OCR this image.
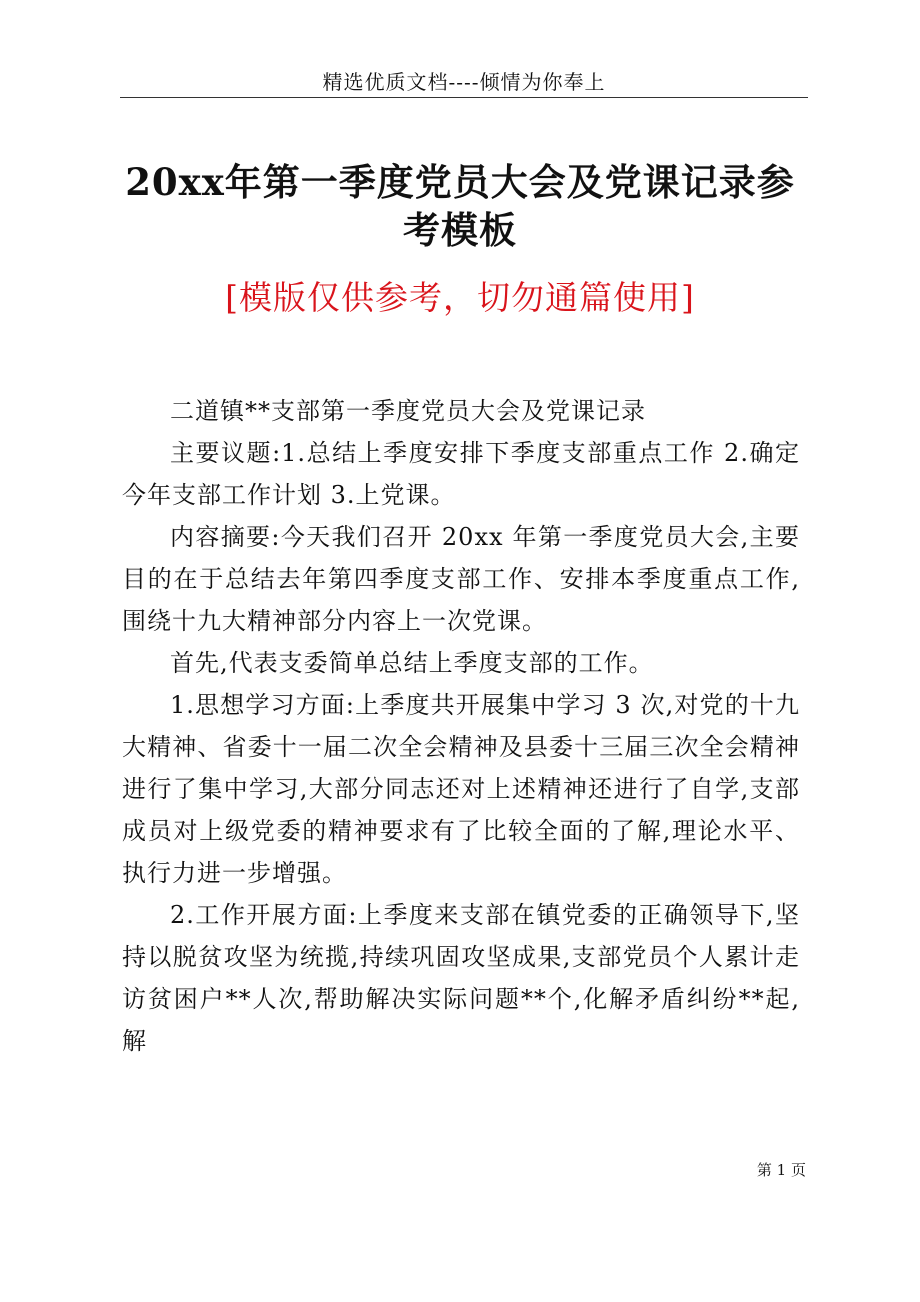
精选优质文档----倾情为你奉上
20xx年第一季度党员大会及党课记录参考模板
[模版仅供参考，切勿通篇使用]

二道镇**支部第一季度党员大会及党课记录

主要议题:1.总结上季度安排下季度支部重点工作 2.确定今年支部工作计划 3.上党课。

内容摘要:今天我们召开 20xx 年第一季度党员大会,主要目的在于总结去年第四季度支部工作、安排本季度重点工作,围绕十九大精神部分内容上一次党课。

首先,代表支委简单总结上季度支部的工作。

1.思想学习方面:上季度共开展集中学习 3 次,对党的十九大精神、省委十一届二次全会精神及县委十三届三次全会精神进行了集中学习,大部分同志还对上述精神还进行了自学,支部成员对上级党委的精神要求有了比较全面的了解,理论水平、执行力进一步增强。

2.工作开展方面:上季度来支部在镇党委的正确领导下,坚持以脱贫攻坚为统揽,持续巩固攻坚成果,支部党员个人累计走访贫困户**人次,帮助解决实际问题**个,化解矛盾纠纷**起,解

第 1 页
